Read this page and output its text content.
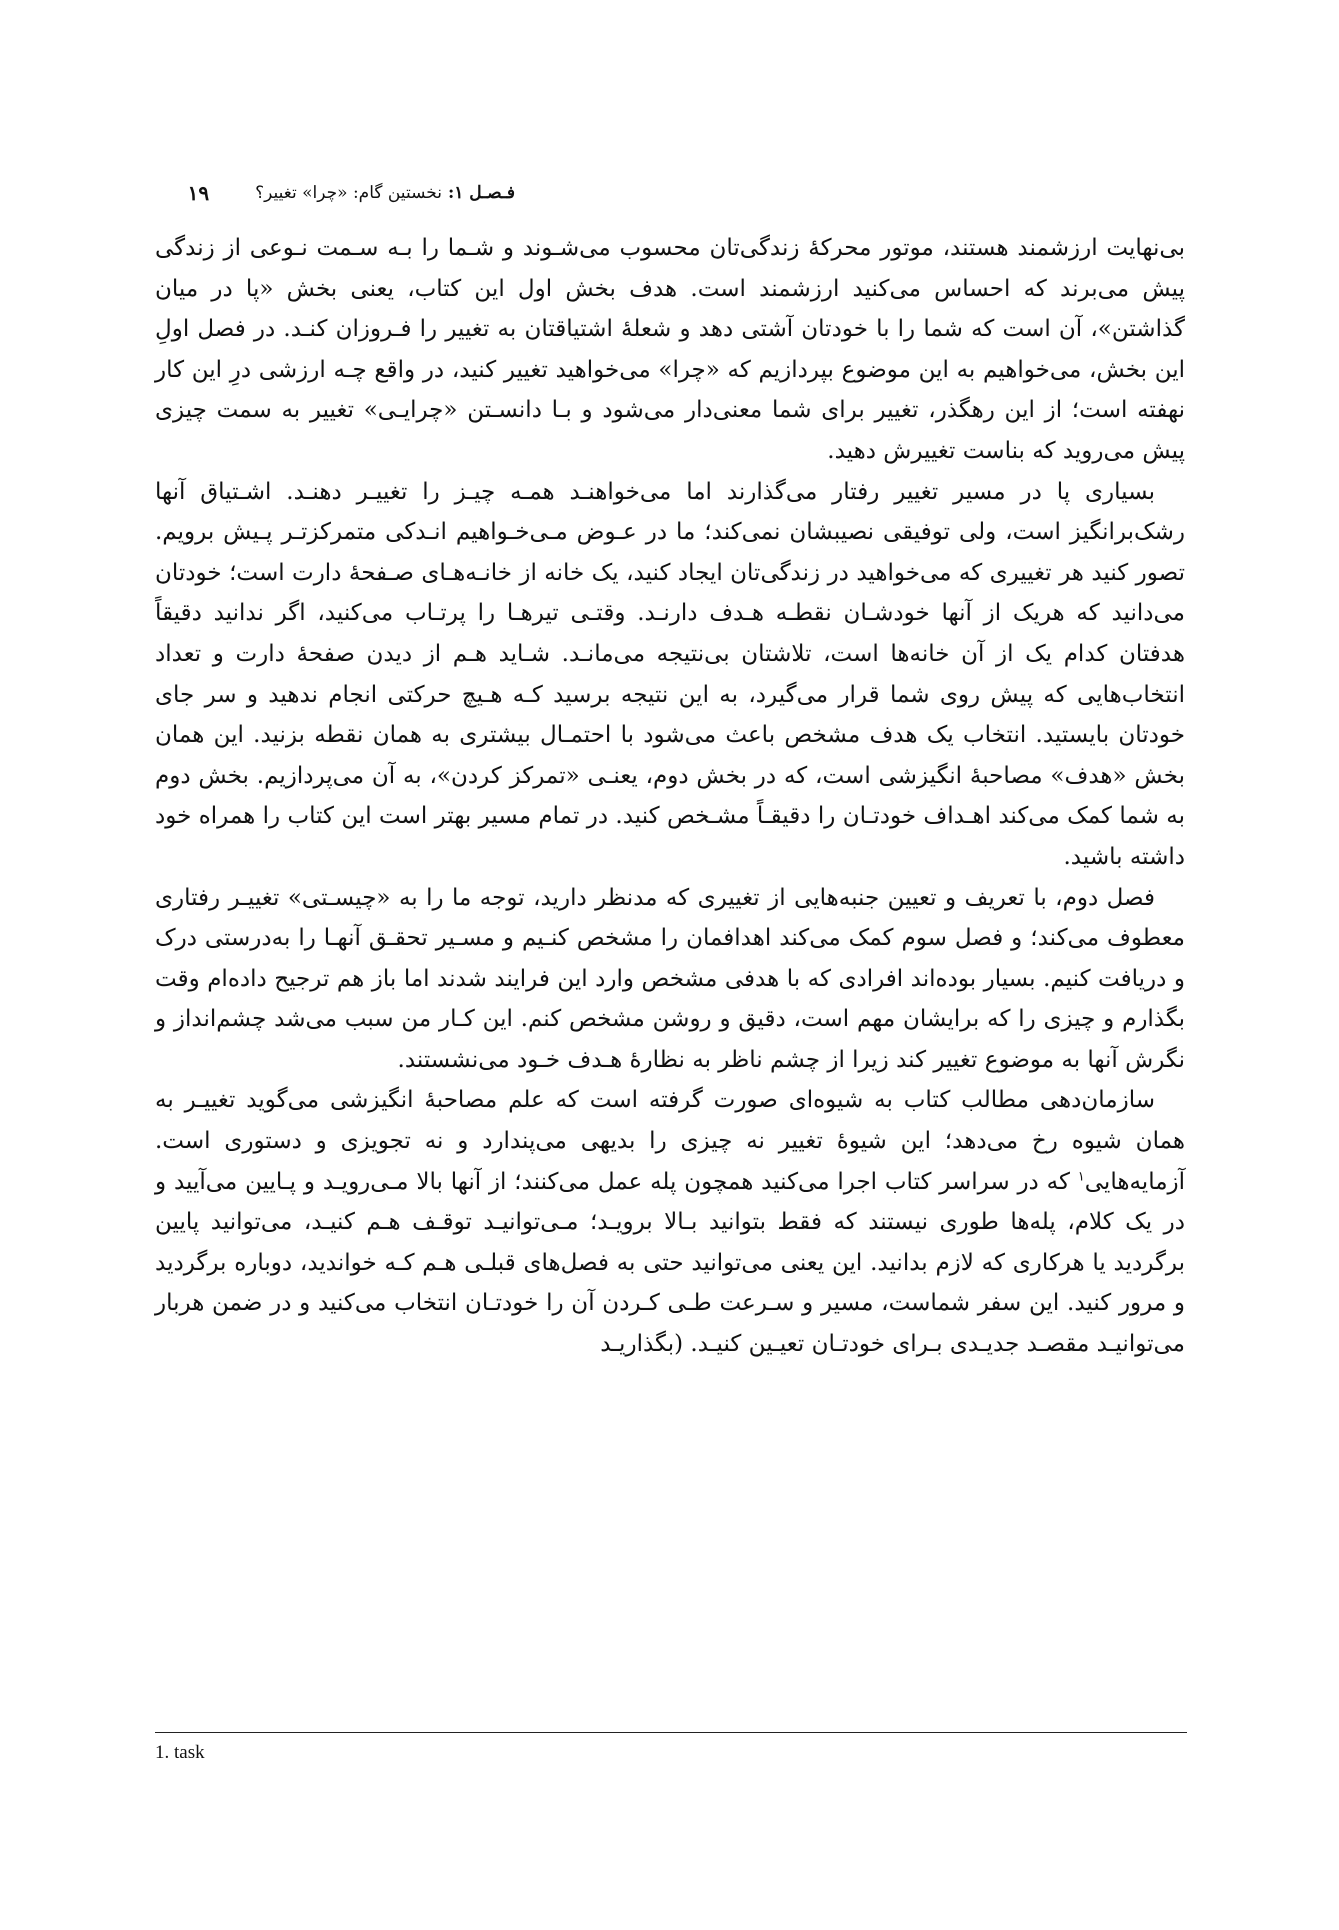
فـصـل ۱:
نخستین گام: «چرا» تغییر؟
۱۹

بی‌نهایت ارزشمند هستند، موتور محرکهٔ زندگی‌تان محسوب می‌شـوند و شـما را بـه سـمت نـوعی از زندگی پیش می‌برند که احساس می‌کنید ارزشمند است. هدف بخش اول این کتاب، یعنی بخش «پا در میان گذاشتن»، آن است که شما را با خودتان آشتی دهد و شعلهٔ اشتیاقتان به تغییر را فـروزان کنـد. در فصل اولِ این بخش، می‌خواهیم به این موضوع بپردازیم که «چرا» می‌خواهید تغییر کنید، در واقع چـه ارزشی درِ این کار نهفته است؛ از این رهگذر، تغییر برای شما معنی‌دار می‌شود و بـا دانسـتن «چرایـی» تغییر به سمت چیزی پیش می‌روید که بناست تغییرش دهید.

بسیاری پا در مسیر تغییر رفتار می‌گذارند اما می‌خواهنـد همـه چیـز را تغییـر دهنـد. اشـتیاق آنها رشک‌برانگیز است، ولی توفیقی نصیبشان نمی‌کند؛ ما در عـوض مـی‌خـواهیم انـدکی متمرکزتـر پـیش برویم. تصور کنید هر تغییری که می‌خواهید در زندگی‌تان ایجاد کنید، یک خانه از خانـه‌هـای صـفحهٔ دارت است؛ خودتان می‌دانید که هریک از آنها خودشـان نقطـه هـدف دارنـد. وقتـی تیرهـا را پرتـاب می‌کنید، اگر ندانید دقیقاً هدفتان کدام یک از آن خانه‌ها است، تلاشتان بی‌نتیجه می‌مانـد. شـاید هـم از دیدن صفحهٔ دارت و تعداد انتخاب‌هایی که پیش روی شما قرار می‌گیرد، به این نتیجه برسید کـه هـیچ حرکتی انجام ندهید و سر جای خودتان بایستید. انتخاب یک هدف مشخص باعث می‌شود با احتمـال بیشتری به همان نقطه بزنید. این همان بخش «هدف» مصاحبهٔ انگیزشی است، که در بخش دوم، یعنـی «تمرکز کردن»، به آن می‌پردازیم. بخش دوم به شما کمک می‌کند اهـداف خودتـان را دقیقـاً مشـخص کنید. در تمام مسیر بهتر است این کتاب را همراه خود داشته باشید.

فصل دوم، با تعریف و تعیین جنبه‌هایی از تغییری که مدنظر دارید، توجه ما را به «چیسـتی» تغییـر رفتاری معطوف می‌کند؛ و فصل سوم کمک می‌کند اهدافمان را مشخص کنـیم و مسـیر تحقـق آنهـا را به‌درستی درک و دریافت کنیم. بسیار بوده‌اند افرادی که با هدفی مشخص وارد این فرایند شدند اما باز هم ترجیح داده‌ام وقت بگذارم و چیزی را که برایشان مهم است، دقیق و روشن مشخص کنم. این کـار من سبب می‌شد چشم‌انداز و نگرش آنها به موضوع تغییر کند زیرا از چشم ناظر به نظارهٔ هـدف خـود می‌نشستند.

سازمان‌دهی مطالب کتاب به شیوه‌ای صورت گرفته است که علم مصاحبهٔ انگیزشی می‌گوید تغییـر به همان شیوه رخ می‌دهد؛ این شیوهٔ تغییر نه چیزی را بدیهی می‌پندارد و نه تجویزی و دستوری است. آزمایه‌هایی$^۱$ که در سراسر کتاب اجرا می‌کنید همچون پله عمل می‌کنند؛ از آنها بالا مـی‌رویـد و پـایین می‌آیید و در یک کلام، پله‌ها طوری نیستند که فقط بتوانید بـالا برویـد؛ مـی‌توانیـد توقـف هـم کنیـد، می‌توانید پایین برگردید یا هرکاری که لازم بدانید. این یعنی می‌توانید حتی به فصل‌های قبلـی هـم کـه خواندید، دوباره برگردید و مرور کنید. این سفر شماست، مسیر و سـرعت طـی کـردن آن را خودتـان انتخاب می‌کنید و در ضمن هربار می‌توانیـد مقصـد جدیـدی بـرای خودتـان تعیـین کنیـد. (بگذاریـد

1. task
